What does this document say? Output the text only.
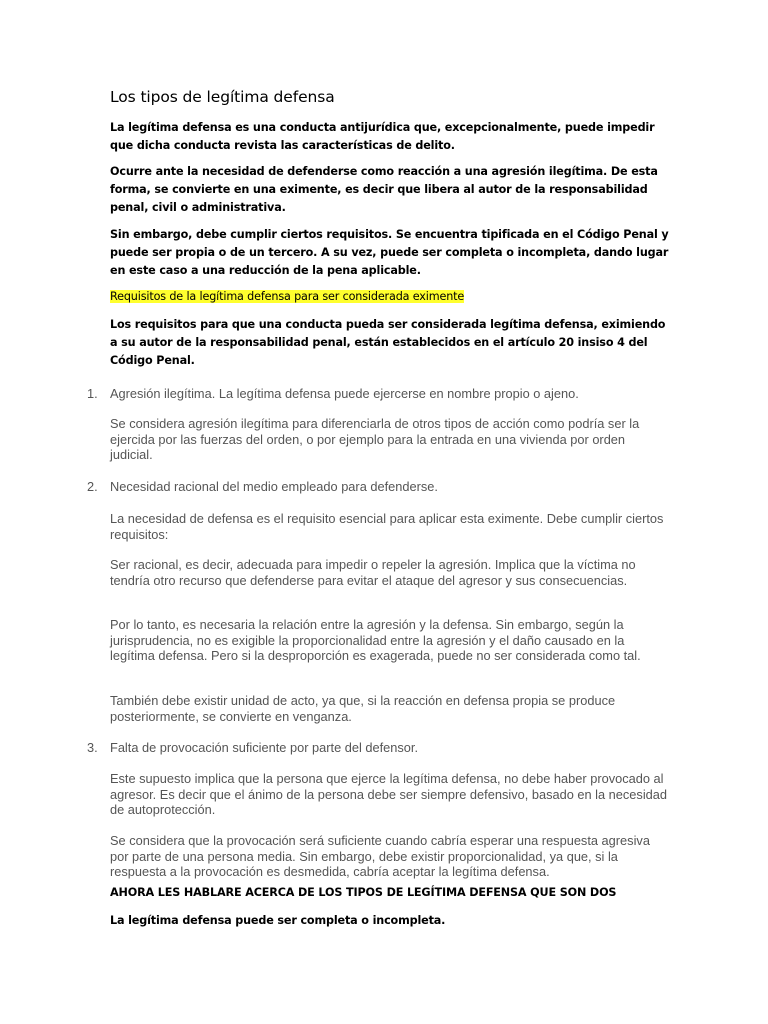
Los tipos de legítima defensa

La legítima defensa es una conducta antijurídica que, excepcionalmente, puede impedir que dicha conducta revista las características de delito.

Ocurre ante la necesidad de defenderse como reacción a una agresión ilegítima. De esta forma, se convierte en una eximente, es decir que libera al autor de la responsabilidad penal, civil o administrativa.

Sin embargo, debe cumplir ciertos requisitos. Se encuentra tipificada en el Código Penal y puede ser propia o de un tercero. A su vez, puede ser completa o incompleta, dando lugar en este caso a una reducción de la pena aplicable.

Requisitos de la legítima defensa para ser considerada eximente

Los requisitos para que una conducta pueda ser considerada legítima defensa, eximiendo a su autor de la responsabilidad penal, están establecidos en el artículo 20 insiso 4 del Código Penal.

1. Agresión ilegítima. La legítima defensa puede ejercerse en nombre propio o ajeno.

Se considera agresión ilegítima para diferenciarla de otros tipos de acción como podría ser la ejercida por las fuerzas del orden, o por ejemplo para la entrada en una vivienda por orden judicial.

2. Necesidad racional del medio empleado para defenderse.

La necesidad de defensa es el requisito esencial para aplicar esta eximente. Debe cumplir ciertos requisitos:

Ser racional, es decir, adecuada para impedir o repeler la agresión. Implica que la víctima no tendría otro recurso que defenderse para evitar el ataque del agresor y sus consecuencias.

Por lo tanto, es necesaria la relación entre la agresión y la defensa. Sin embargo, según la jurisprudencia, no es exigible la proporcionalidad entre la agresión y el daño causado en la legítima defensa. Pero si la desproporción es exagerada, puede no ser considerada como tal.

También debe existir unidad de acto, ya que, si la reacción en defensa propia se produce posteriormente, se convierte en venganza.

3. Falta de provocación suficiente por parte del defensor.

Este supuesto implica que la persona que ejerce la legítima defensa, no debe haber provocado al agresor. Es decir que el ánimo de la persona debe ser siempre defensivo, basado en la necesidad de autoprotección.

Se considera que la provocación será suficiente cuando cabría esperar una respuesta agresiva por parte de una persona media. Sin embargo, debe existir proporcionalidad, ya que, si la respuesta a la provocación es desmedida, cabría aceptar la legítima defensa.

AHORA LES HABLARE ACERCA DE LOS TIPOS DE LEGÍTIMA DEFENSA QUE SON DOS

La legítima defensa puede ser completa o incompleta.
